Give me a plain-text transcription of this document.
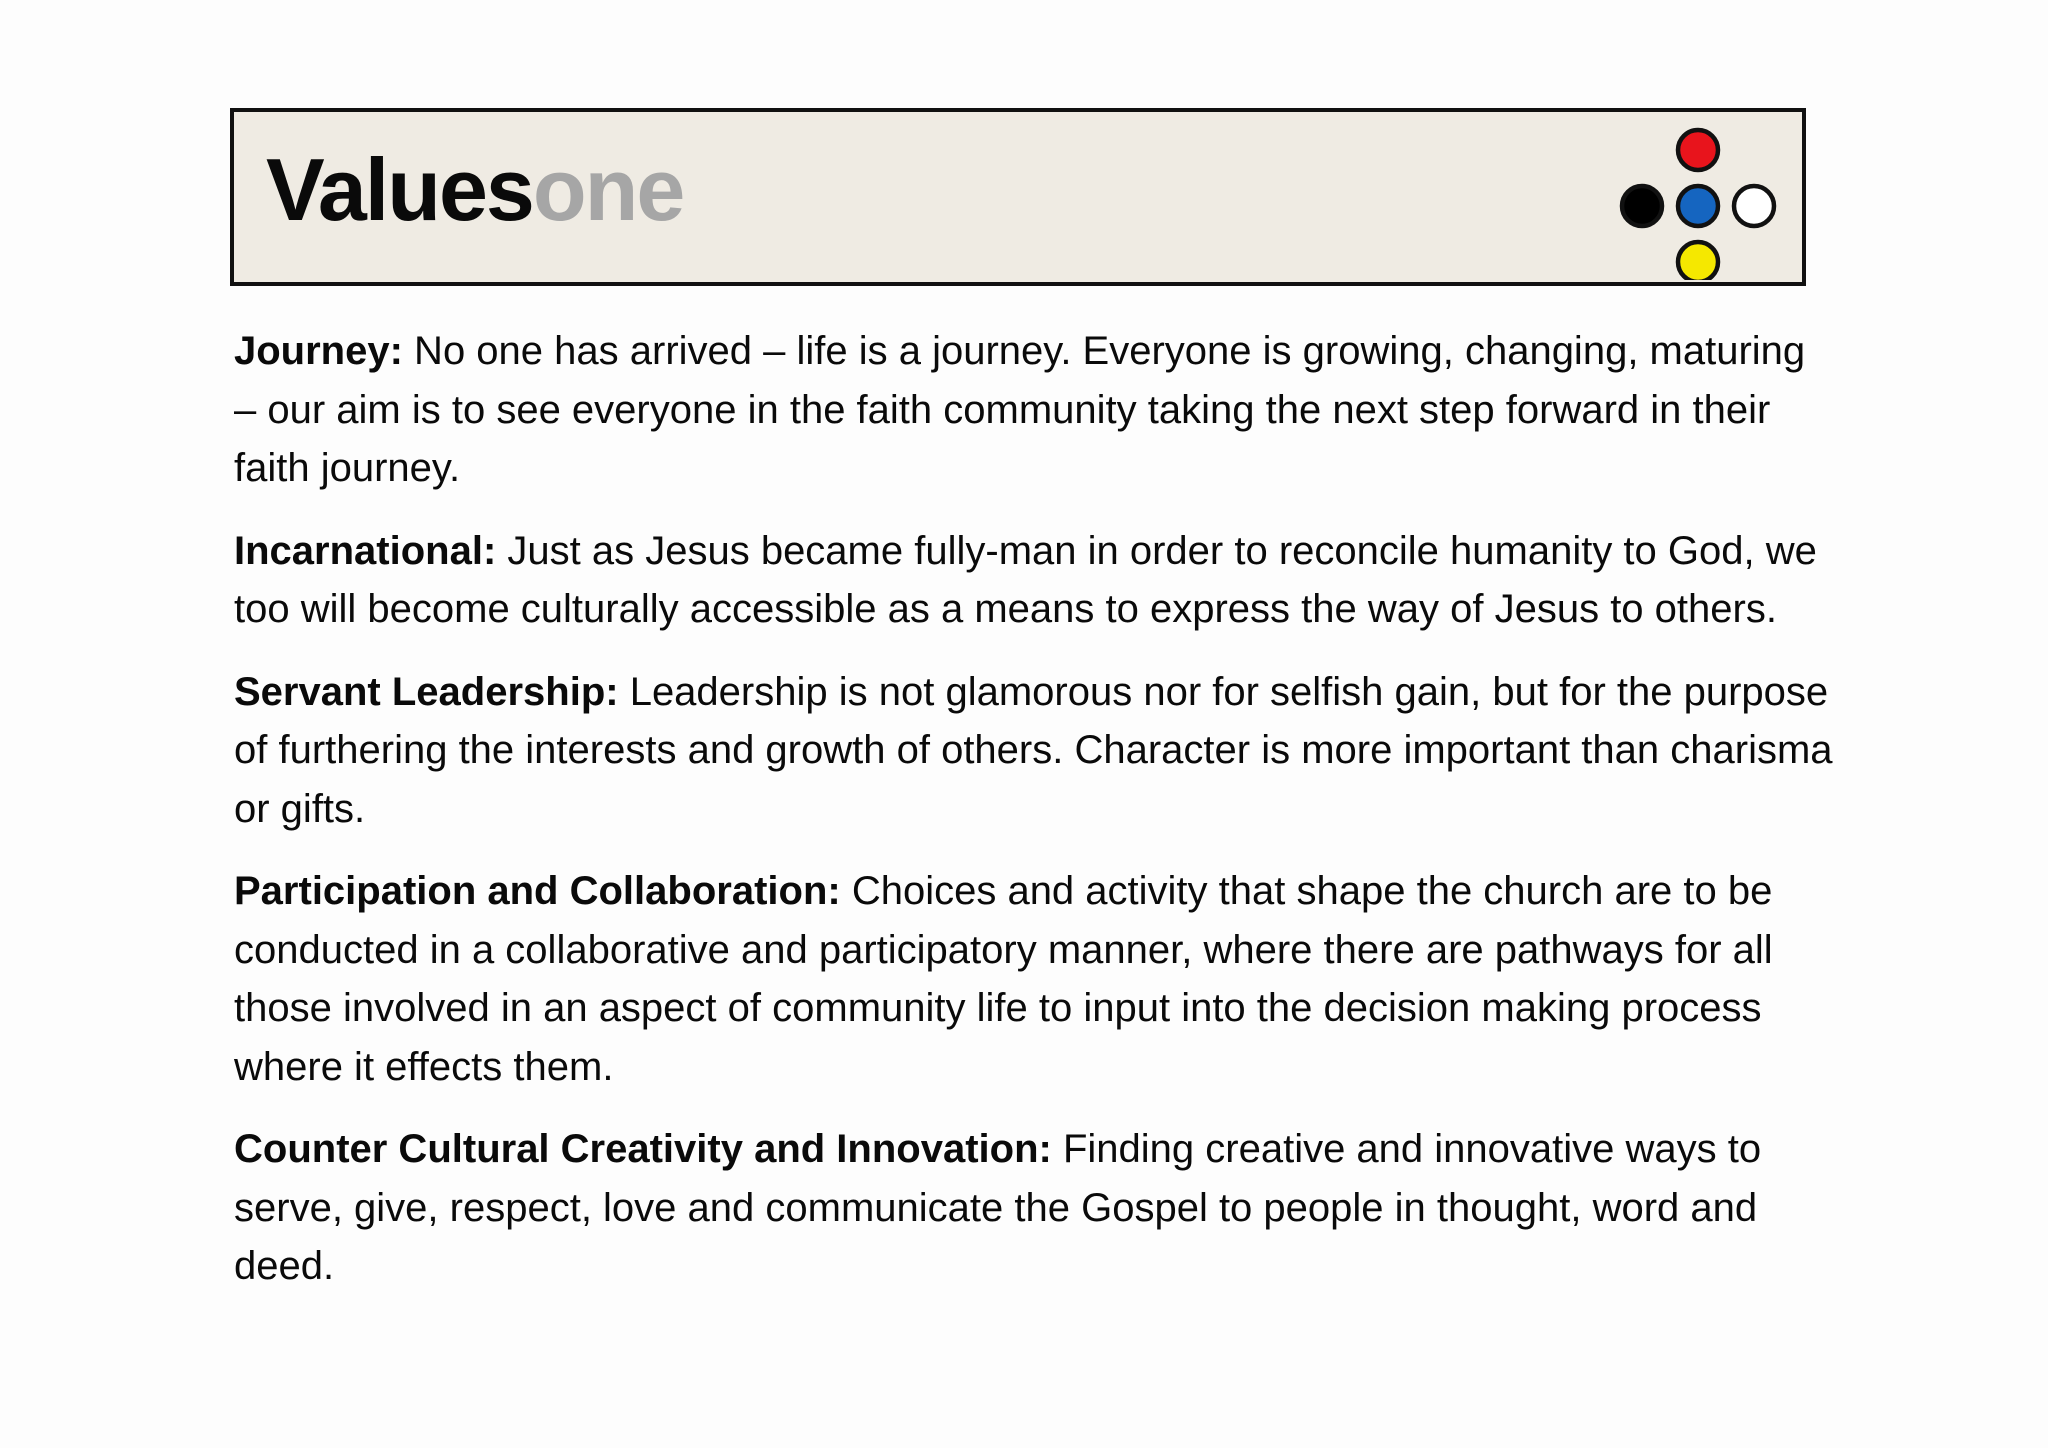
Valuesone

Journey: No one has arrived – life is a journey. Everyone is growing, changing, maturing – our aim is to see everyone in the faith community taking the next step forward in their faith journey.

Incarnational: Just as Jesus became fully-man in order to reconcile humanity to God, we too will become culturally accessible as a means to express the way of Jesus to others.

Servant Leadership: Leadership is not glamorous nor for selfish gain, but for the purpose of furthering the interests and growth of others. Character is more important than charisma or gifts.

Participation and Collaboration: Choices and activity that shape the church are to be conducted in a collaborative and participatory manner, where there are pathways for all those involved in an aspect of community life to input into the decision making process where it effects them.

Counter Cultural Creativity and Innovation: Finding creative and innovative ways to serve, give, respect, love and communicate the Gospel to people in thought, word and deed.
